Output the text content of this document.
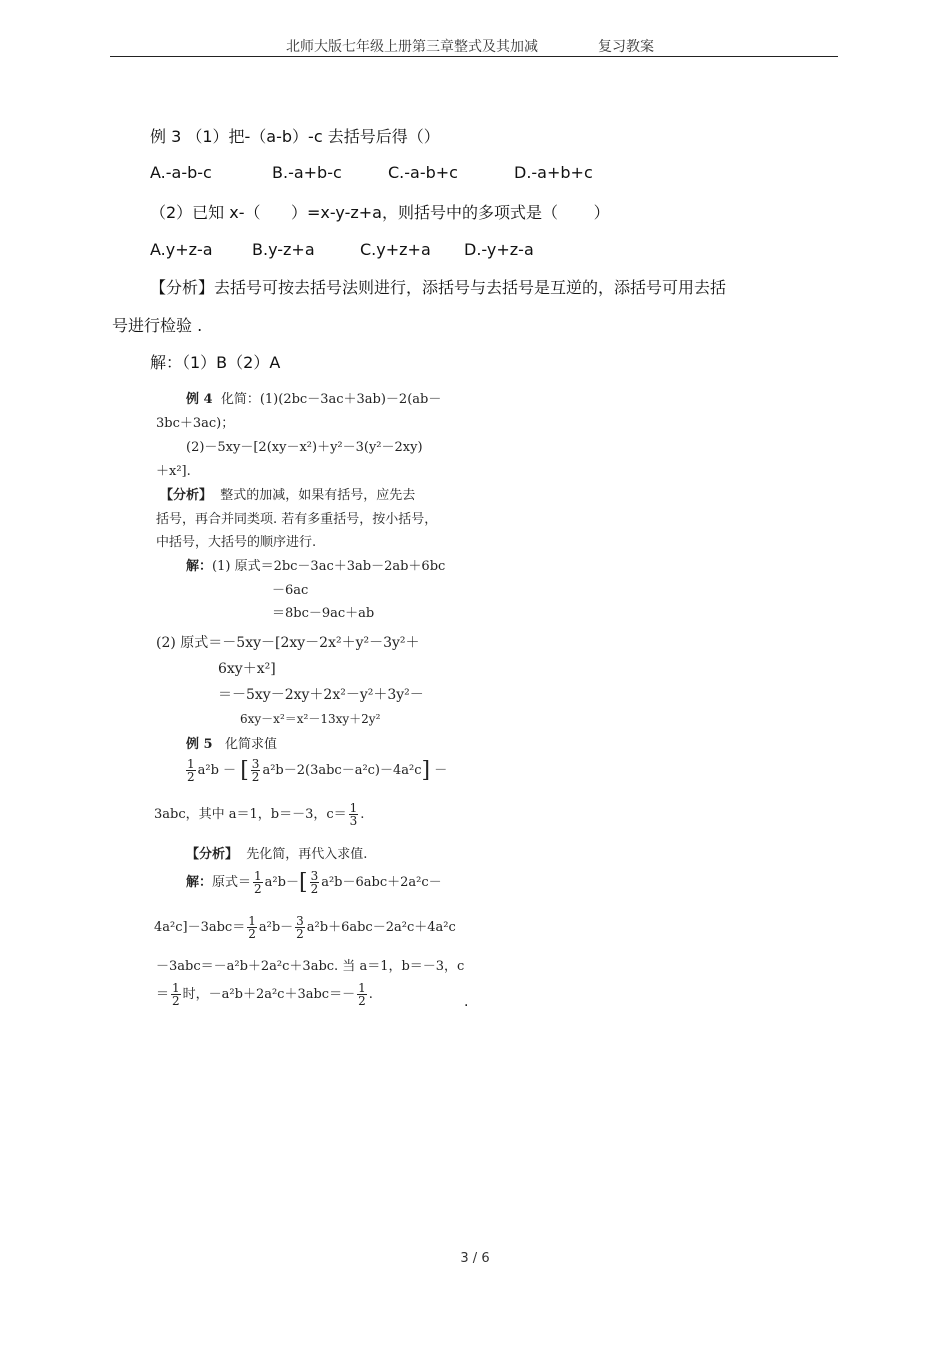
北师大版七年级上册第三章整式及其加减	复习教案
例 3 （1）把-（a-b）-c 去括号后得（）
A.-a-b-c	B.-a+b-c	C.-a-b+c	D.-a+b+c
（2）已知 x-（      ）=x-y-z+a，则括号中的多项式是（       ）
A.y+z-a B.y-z+a	C.y+z+a D.-y+z-a
【分析】去括号可按去括号法则进行，添括号与去括号是互逆的，添括号可用去括
号进行检验 .
解：（1）B（2）A
例 4 化简：(1)(2bc－3ac＋3ab)－2(ab－
3bc＋3ac)；
(2)－5xy－[2(xy－x²)＋y²－3(y²－2xy)
＋x²].
【分析】 整式的加减，如果有括号，应先去
括号，再合并同类项. 若有多重括号，按小括号，
中括号，大括号的顺序进行.
解：(1) 原式＝2bc－3ac＋3ab－2ab＋6bc
－6ac
＝8bc－9ac＋ab
(2) 原式＝－5xy－[2xy－2x²＋y²－3y²＋
6xy＋x²]
＝－5xy－2xy＋2x²－y²＋3y²－
6xy－x²＝x²－13xy＋2y²
例 5 化简求值
$\frac{1}{2} a^2b$ － [ $\frac{3}{2} a^2b-2(3abc-a^2c)-4a^2c$] －
3abc，其中 a＝1，b＝－3，$c= \frac{1}{3}$ .
【分析】 先化简，再代入求值.
解：原式＝ $\frac{1}{2} a^2b-[ \frac{3}{2} a^2b-6abc+2a^2c-$
$4a^2c]-3abc= \frac{1}{2} a^2b- \frac{3}{2} a^2b+6abc-2a^2c+4a^2c$
－3abc＝－a²b＋2a²c＋3abc. 当 a＝1，b＝－3，c
＝ $\frac{1}{2}$ 时，$-a^2b+2a^2c+3abc=- \frac{1}{2}$ .	.
3 / 6
